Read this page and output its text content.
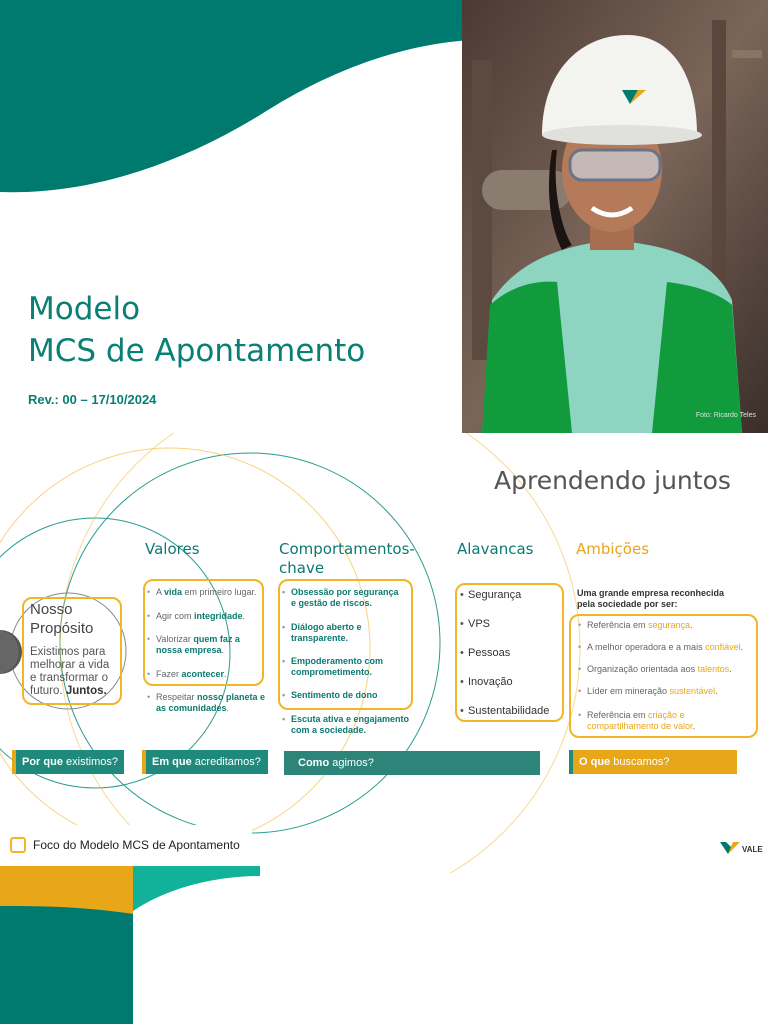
Modelo
MCS de Apontamento
Rev.: 00 – 17/10/2024
Foto: Ricardo Teles
Aprendendo juntos
Nosso
Propósito
Existimos para
melhorar a vida
e transformar o
futuro. Juntos.
Valores
• A vida em primeiro lugar.
• Agir com integridade.
• Valorizar quem faz a nossa empresa.
• Fazer acontecer.
• Respeitar nosso planeta e as comunidades.
Comportamentos-
chave
• Obsessão por segurança e gestão de riscos.
• Diálogo aberto e transparente.
• Empoderamento com comprometimento.
• Sentimento de dono
• Escuta ativa e engajamento com a sociedade.
Alavancas
• Segurança
• VPS
• Pessoas
• Inovação
• Sustentabilidade
Ambições
Uma grande empresa reconhecida pela sociedade por ser:
• Referência em segurança.
• A melhor operadora e a mais confiável.
• Organização orientada aos talentos.
• Líder em mineração sustentável.
• Referência em criação e compartilhamento de valor.
Por que existimos?	Em que acreditamos?	Como agimos?	O que buscamos?
VALE
Foco do Modelo MCS de Apontamento
